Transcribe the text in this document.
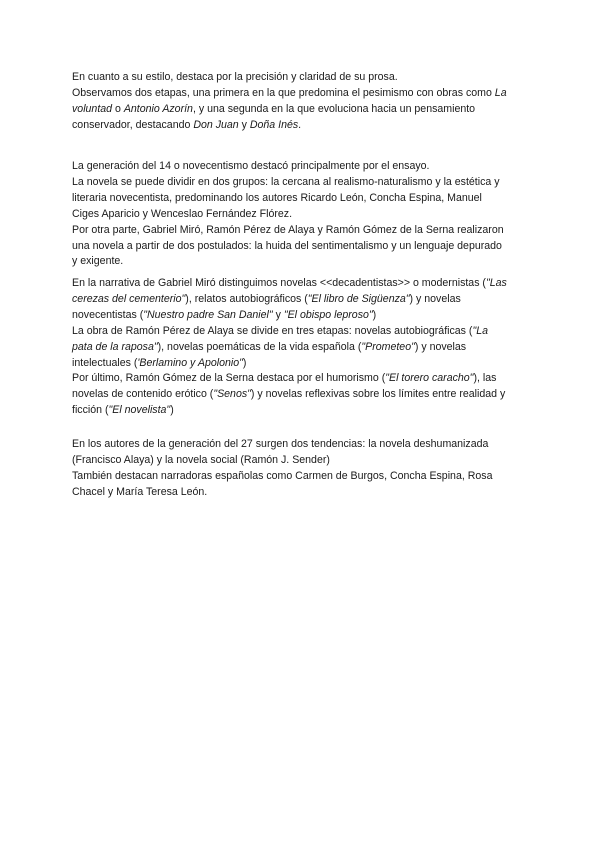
En cuanto a su estilo, destaca por la precisión y claridad de su prosa.
Observamos dos etapas, una primera en la que predomina el pesimismo con obras como La
voluntad o Antonio Azorín, y una segunda en la que evoluciona hacia un pensamiento
conservador, destacando Don Juan y Doña Inés.
La generación del 14 o novecentismo destacó principalmente por el ensayo.
La novela se puede dividir en dos grupos: la cercana al realismo-naturalismo y la estética y
literaria novecentista, predominando los autores Ricardo León, Concha Espina, Manuel
Ciges Aparicio y Wenceslao Fernández Flórez.
Por otra parte, Gabriel Miró, Ramón Pérez de Alaya y Ramón Gómez de la Serna realizaron
una novela a partir de dos postulados: la huida del sentimentalismo y un lenguaje depurado
y exigente.
En la narrativa de Gabriel Miró distinguimos novelas <<decadentistas>> o modernistas ("Las
cerezas del cementerio"), relatos autobiográficos ("El libro de Sigüenza") y novelas
novecentistas ("Nuestro padre San Daniel" y "El obispo leproso")
La obra de Ramón Pérez de Alaya se divide en tres etapas: novelas autobiográficas ("La
pata de la raposa"), novelas poemáticas de la vida española ("Prometeo") y novelas
intelectuales ('Berlamino y Apolonio")
Por último, Ramón Gómez de la Serna destaca por el humorismo ("El torero caracho"), las
novelas de contenido erótico ("Senos") y novelas reflexivas sobre los límites entre realidad y
ficción ("El novelista")
En los autores de la generación del 27 surgen dos tendencias: la novela deshumanizada
(Francisco Alaya) y la novela social (Ramón J. Sender)
También destacan narradoras españolas como Carmen de Burgos, Concha Espina, Rosa
Chacel y María Teresa León.
